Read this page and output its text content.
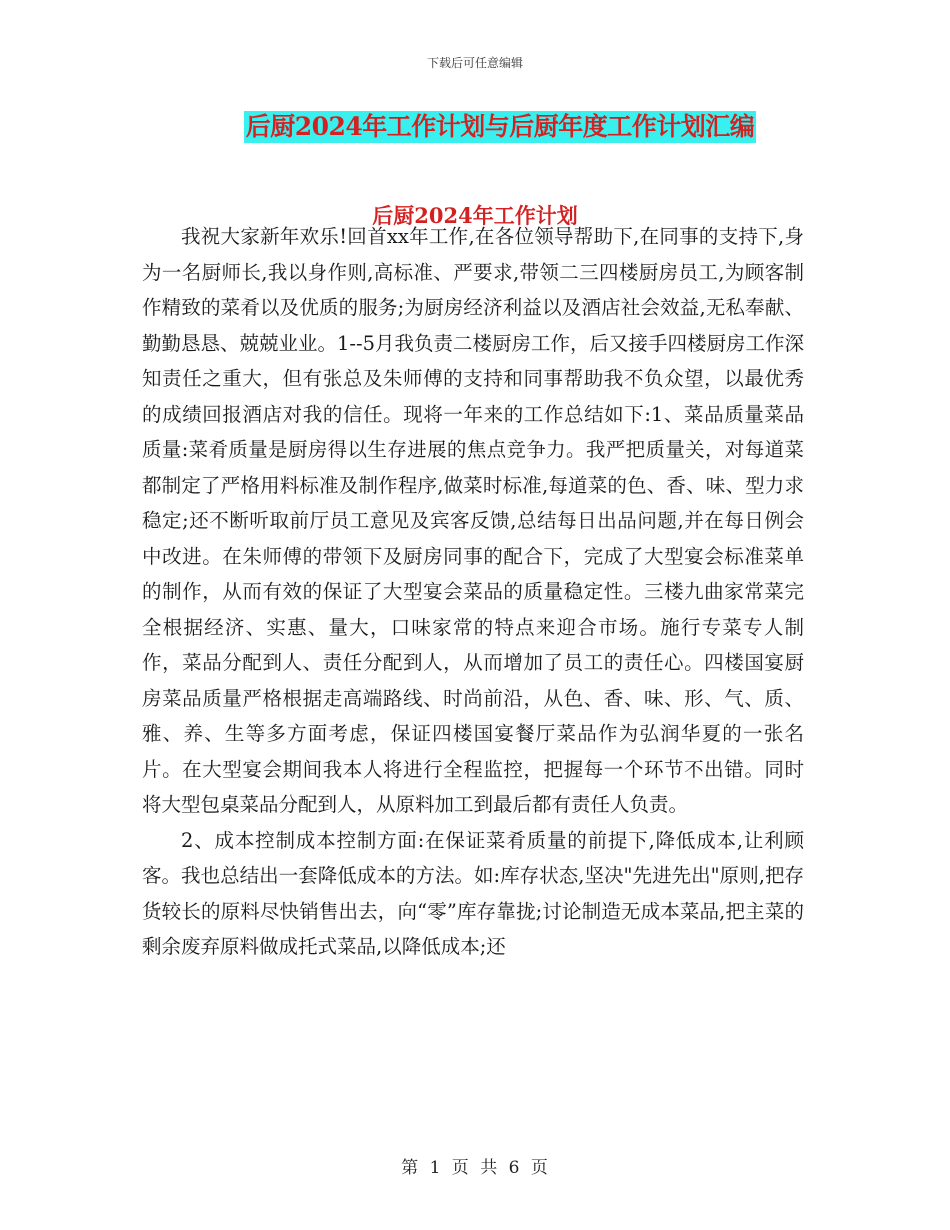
下载后可任意编辑
后厨2024年工作计划与后厨年度工作计划汇编
后厨2024年工作计划

我祝大家新年欢乐!回首xx年工作,在各位领导帮助下,在同事的支持下,身为一名厨师长,我以身作则,高标准、严要求,带领二三四楼厨房员工,为顾客制作精致的菜肴以及优质的服务;为厨房经济利益以及酒店社会效益,无私奉献、勤勤恳恳、兢兢业业。1--5月我负责二楼厨房工作，后又接手四楼厨房工作深知责任之重大，但有张总及朱师傅的支持和同事帮助我不负众望，以最优秀的成绩回报酒店对我的信任。现将一年来的工作总结如下:1、菜品质量菜品质量:菜肴质量是厨房得以生存进展的焦点竞争力。我严把质量关，对每道菜都制定了严格用料标准及制作程序,做菜时标准,每道菜的色、香、味、型力求稳定;还不断听取前厅员工意见及宾客反馈,总结每日出品问题,并在每日例会中改进。在朱师傅的带领下及厨房同事的配合下，完成了大型宴会标准菜单的制作，从而有效的保证了大型宴会菜品的质量稳定性。三楼九曲家常菜完全根据经济、实惠、量大，口味家常的特点来迎合市场。施行专菜专人制作，菜品分配到人、责任分配到人，从而增加了员工的责任心。四楼国宴厨房菜品质量严格根据走高端路线、时尚前沿，从色、香、味、形、气、质、雅、养、生等多方面考虑，保证四楼国宴餐厅菜品作为弘润华夏的一张名片。在大型宴会期间我本人将进行全程监控，把握每一个环节不出错。同时将大型包桌菜品分配到人，从原料加工到最后都有责任人负责。

2、成本控制成本控制方面:在保证菜肴质量的前提下,降低成本,让利顾客。我也总结出一套降低成本的方法。如:库存状态,坚决"先进先出"原则,把存货较长的原料尽快销售出去，向“零”库存靠拢;讨论制造无成本菜品,把主菜的剩余废弃原料做成托式菜品,以降低成本;还

第 1 页 共 6 页
